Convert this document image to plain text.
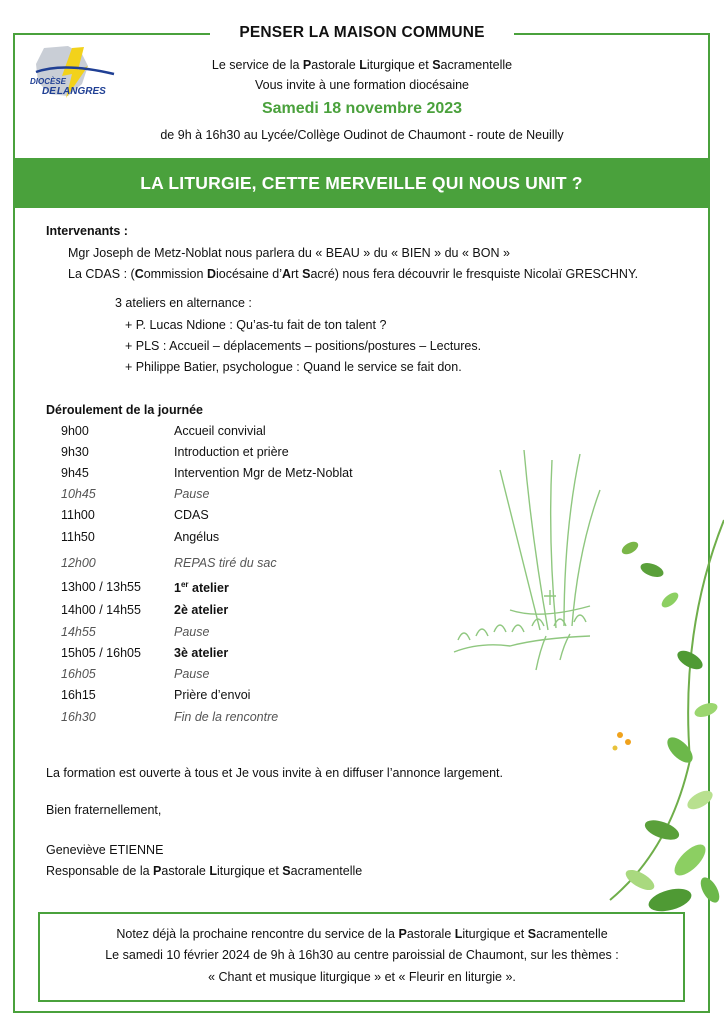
PENSER LA MAISON COMMUNE
DIOCÈSE
DELANGRES
Le service de la Pastorale Liturgique et Sacramentelle
Vous invite à une formation diocésaine
Samedi 18 novembre 2023
de 9h à 16h30 au Lycée/Collège Oudinot de Chaumont - route de Neuilly
LA LITURGIE, CETTE MERVEILLE QUI NOUS UNIT ?
Intervenants :
Mgr Joseph de Metz-Noblat nous parlera du « BEAU » du « BIEN » du « BON »
La CDAS : (Commission Diocésaine d’Art Sacré) nous fera découvrir le fresquiste Nicolaï GRESCHNY.
3 ateliers en alternance :
+ P. Lucas Ndione : Qu’as-tu fait de ton talent ?
+ PLS : Accueil – déplacements – positions/postures – Lectures.
+ Philippe Batier, psychologue : Quand le service se fait don.
Déroulement de la journée
9h00	Accueil convivial
9h30	Introduction et prière
9h45	Intervention Mgr de Metz-Noblat
10h45	Pause
11h00	CDAS
11h50	Angélus
12h00	REPAS tiré du sac
13h00 / 13h55	1er atelier
14h00 / 14h55	2è atelier
14h55	Pause
15h05 / 16h05	3è atelier
16h05	Pause
16h15	Prière d’envoi
16h30	Fin de la rencontre
La formation est ouverte à tous et Je vous invite à en diffuser l’annonce largement.
Bien fraternellement,
Geneviève ETIENNE
Responsable de la Pastorale Liturgique et Sacramentelle
Notez déjà la prochaine rencontre du service de la Pastorale Liturgique et Sacramentelle
Le samedi 10 février 2024 de 9h à 16h30 au centre paroissial de Chaumont, sur les thèmes :
« Chant et musique liturgique » et « Fleurir en liturgie ».
